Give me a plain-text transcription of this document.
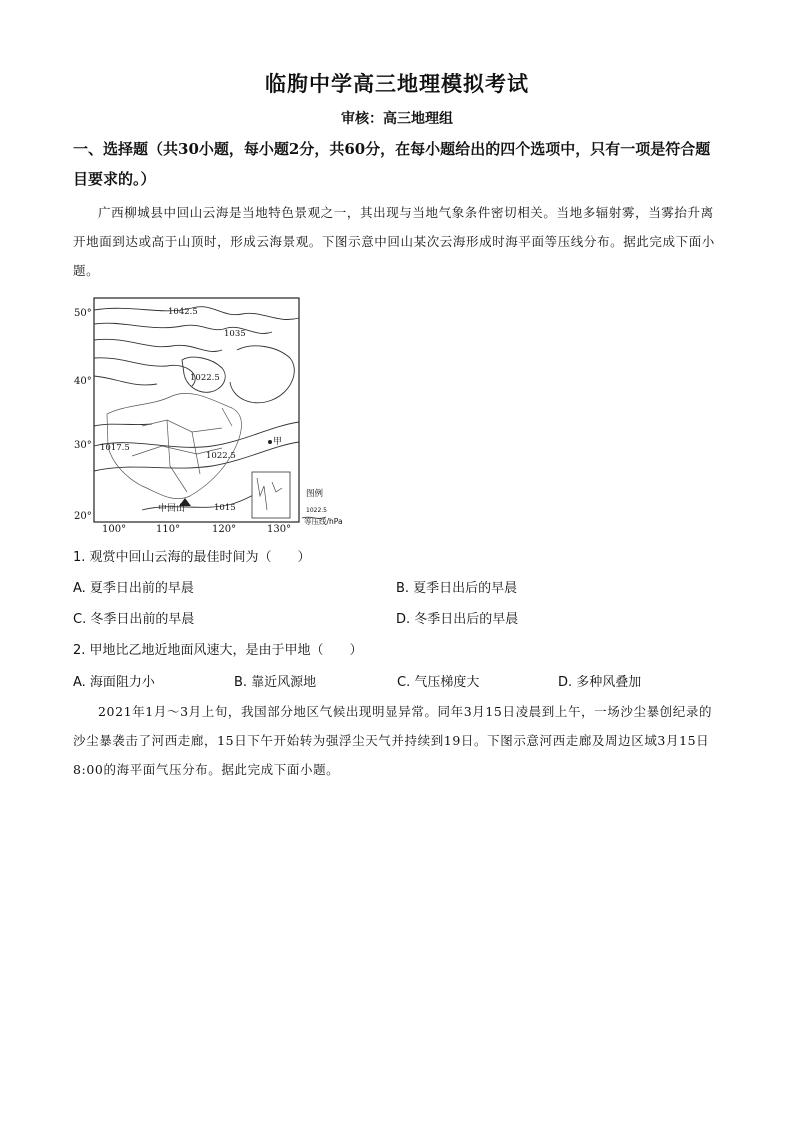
临朐中学高三地理模拟考试
审核：高三地理组
一、选择题（共30小题，每小题2分，共60分，在每小题给出的四个选项中，只有一项是符合题目要求的。）
广西柳城县中回山云海是当地特色景观之一，其出现与当地气象条件密切相关。当地多辐射雾，当雾抬升离开地面到达或高于山顶时，形成云海景观。下图示意中回山某次云海形成时海平面等压线分布。据此完成下面小题。
50°
40°
30°
20°
100°	110°	120°	130°
1042.5
1035
1022.5
1017.5
1022.5
1015
甲
中回山
图例
1022.5
等压线/hPa
1. 观赏中回山云海的最佳时间为（　　）
A. 夏季日出前的早晨	B. 夏季日出后的早晨
C. 冬季日出前的早晨	D. 冬季日出后的早晨
2. 甲地比乙地近地面风速大，是由于甲地（　　）
A. 海面阻力小	B. 靠近风源地	C. 气压梯度大	D. 多种风叠加
2021年1月～3月上旬，我国部分地区气候出现明显异常。同年3月15日凌晨到上午，一场沙尘暴创纪录的沙尘暴袭击了河西走廊，15日下午开始转为强浮尘天气并持续到19日。下图示意河西走廊及周边区域3月15日8:00的海平面气压分布。据此完成下面小题。
